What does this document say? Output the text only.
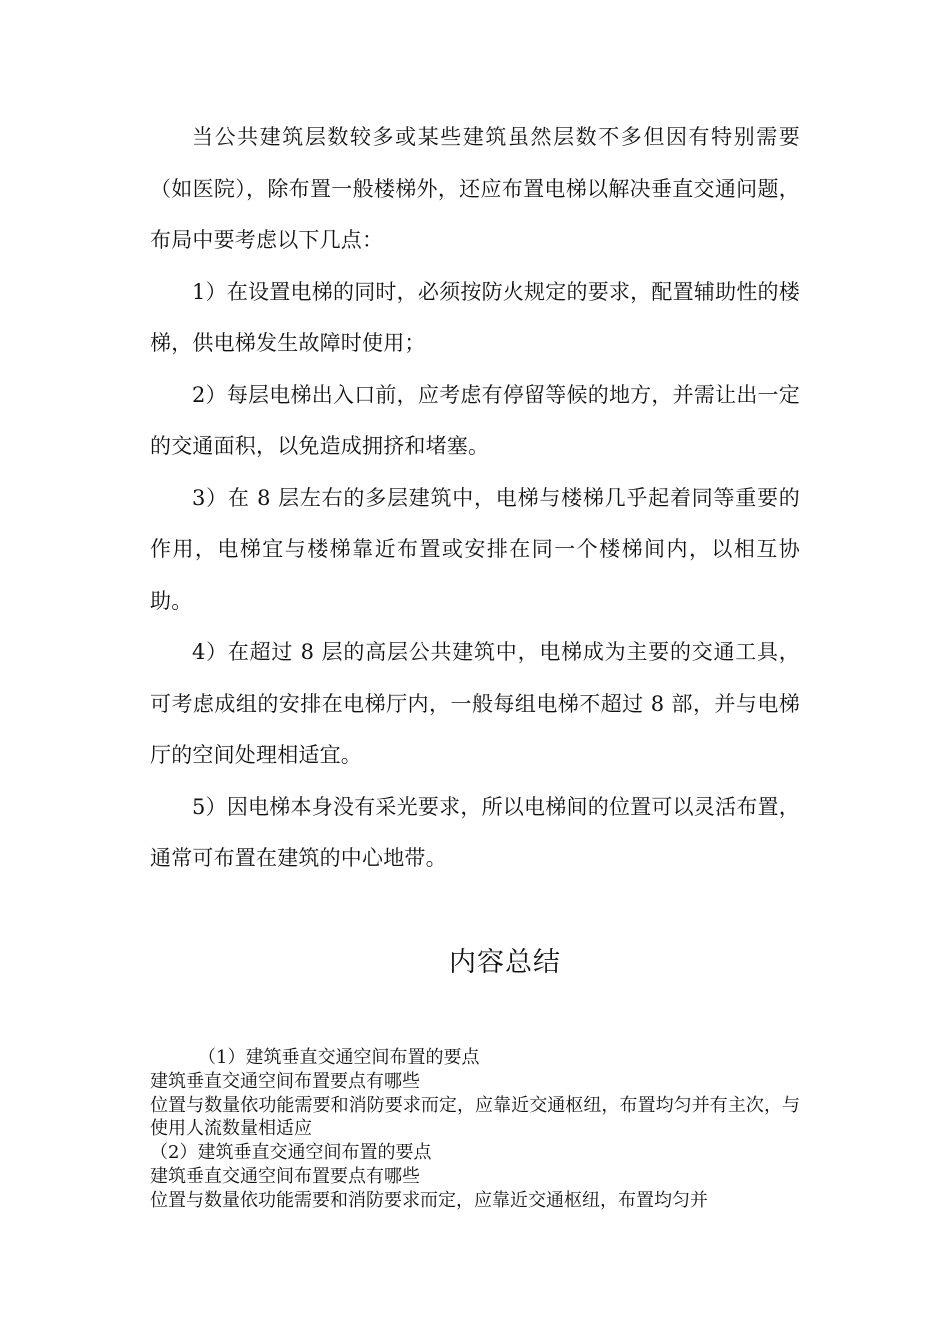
当公共建筑层数较多或某些建筑虽然层数不多但因有特别需要（如医院），除布置一般楼梯外，还应布置电梯以解决垂直交通问题，布局中要考虑以下几点：

1）在设置电梯的同时，必须按防火规定的要求，配置辅助性的楼梯，供电梯发生故障时使用；

2）每层电梯出入口前，应考虑有停留等候的地方，并需让出一定的交通面积，以免造成拥挤和堵塞。

3）在 8 层左右的多层建筑中，电梯与楼梯几乎起着同等重要的作用，电梯宜与楼梯靠近布置或安排在同一个楼梯间内，以相互协助。

4）在超过 8 层的高层公共建筑中，电梯成为主要的交通工具，可考虑成组的安排在电梯厅内，一般每组电梯不超过 8 部，并与电梯厅的空间处理相适宜。

5）因电梯本身没有采光要求，所以电梯间的位置可以灵活布置，通常可布置在建筑的中心地带。

内容总结
（1）建筑垂直交通空间布置的要点
建筑垂直交通空间布置要点有哪些
位置与数量依功能需要和消防要求而定，应靠近交通枢纽，布置均匀并有主次，与使用人流数量相适应
（2）建筑垂直交通空间布置的要点
建筑垂直交通空间布置要点有哪些
位置与数量依功能需要和消防要求而定，应靠近交通枢纽，布置均匀并
